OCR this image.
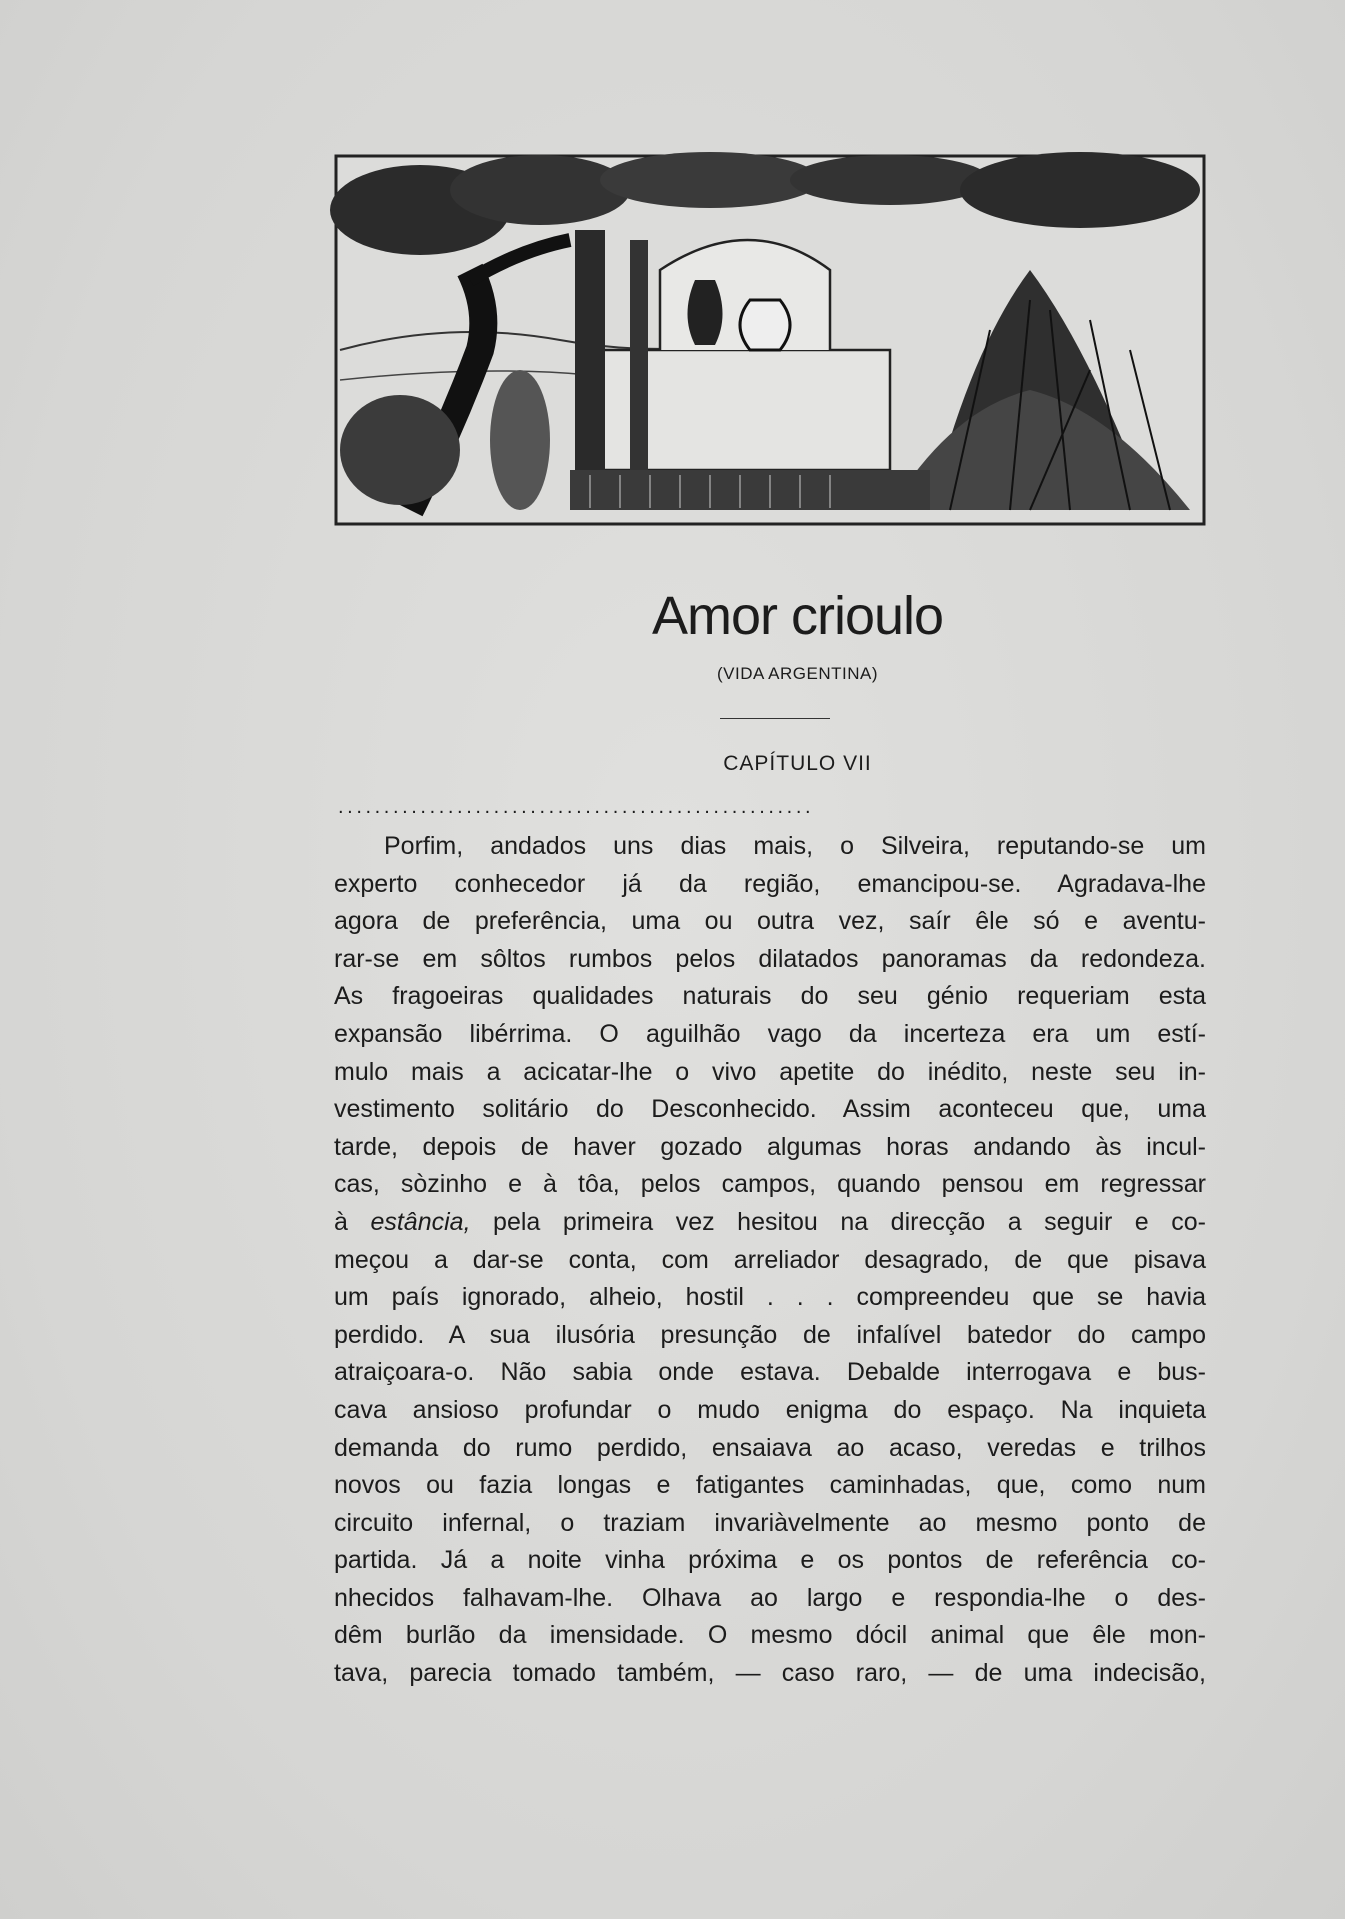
Amor crioulo
(VIDA ARGENTINA)
CAPÍTULO VII
....................................................
Porfim, andados uns dias mais, o Silveira, reputando-se um
experto conhecedor já da região, emancipou-se. Agradava-lhe
agora de preferência, uma ou outra vez, saír êle só e aventu-
rar-se em sôltos rumbos pelos dilatados panoramas da redondeza.
As fragoeiras qualidades naturais do seu génio requeriam esta
expansão libérrima. O aguilhão vago da incerteza era um estí-
mulo mais a acicatar-lhe o vivo apetite do inédito, neste seu in-
vestimento solitário do Desconhecido. Assim aconteceu que, uma
tarde, depois de haver gozado algumas horas andando às incul-
cas, sòzinho e à tôa, pelos campos, quando pensou em regressar
à estância, pela primeira vez hesitou na direcção a seguir e co-
meçou a dar-se conta, com arreliador desagrado, de que pisava
um país ignorado, alheio, hostil . . . compreendeu que se havia
perdido. A sua ilusória presunção de infalível batedor do campo
atraiçoara-o. Não sabia onde estava. Debalde interrogava e bus-
cava ansioso profundar o mudo enigma do espaço. Na inquieta
demanda do rumo perdido, ensaiava ao acaso, veredas e trilhos
novos ou fazia longas e fatigantes caminhadas, que, como num
circuito infernal, o traziam invariàvelmente ao mesmo ponto de
partida. Já a noite vinha próxima e os pontos de referência co-
nhecidos falhavam-lhe. Olhava ao largo e respondia-lhe o des-
dêm burlão da imensidade. O mesmo dócil animal que êle mon-
tava, parecia tomado também, — caso raro, — de uma indecisão,
